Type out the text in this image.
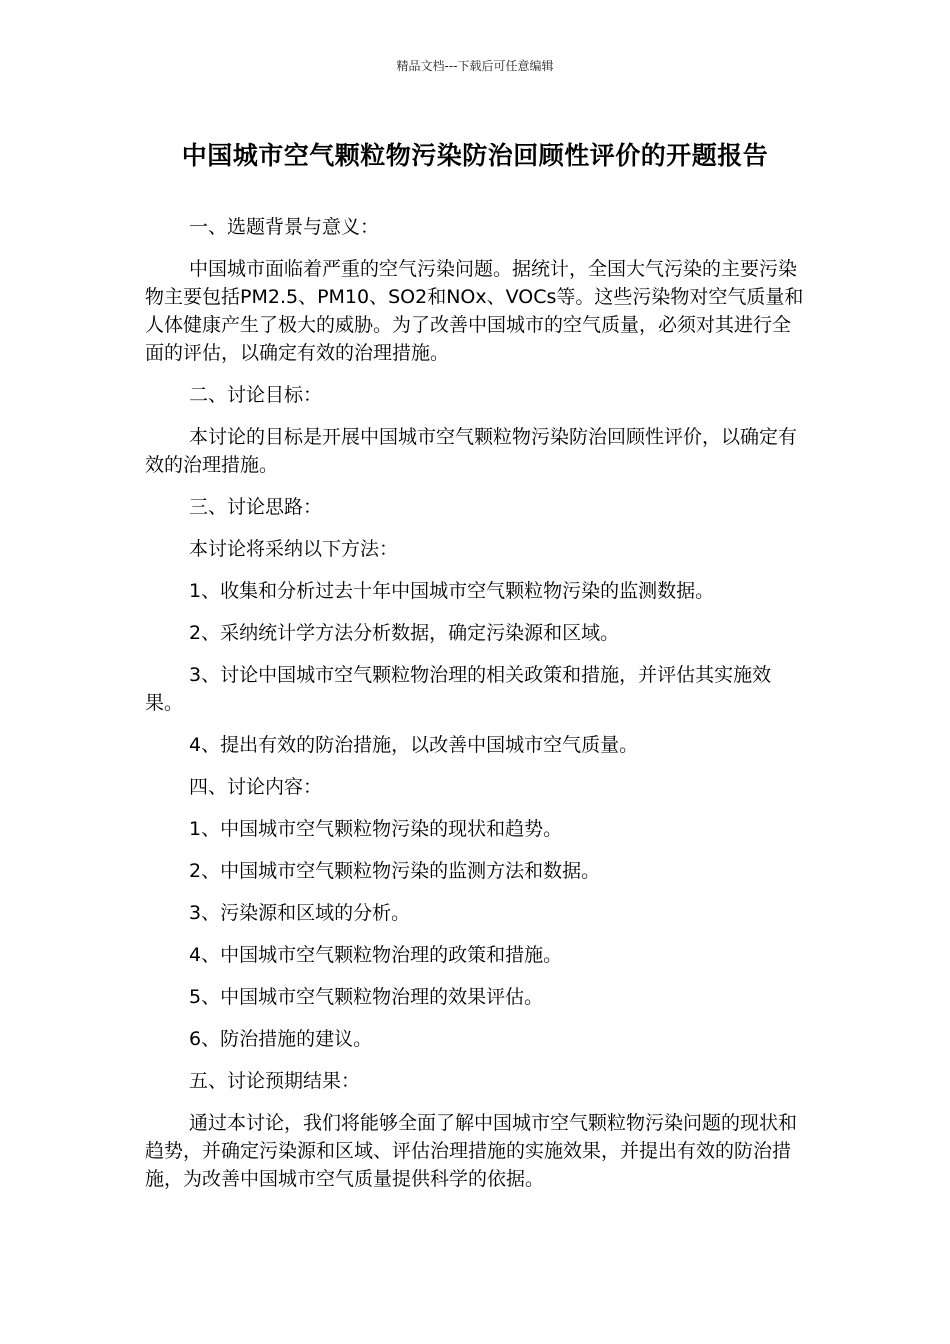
精品文档---下载后可任意编辑
中国城市空气颗粒物污染防治回顾性评价的开题报告

一、选题背景与意义：

中国城市面临着严重的空气污染问题。据统计，全国大气污染的主要污染物主要包括PM2.5、PM10、SO2和NOx、VOCs等。这些污染物对空气质量和人体健康产生了极大的威胁。为了改善中国城市的空气质量，必须对其进行全面的评估，以确定有效的治理措施。

二、讨论目标：

本讨论的目标是开展中国城市空气颗粒物污染防治回顾性评价，以确定有效的治理措施。

三、讨论思路：

本讨论将采纳以下方法：

1、收集和分析过去十年中国城市空气颗粒物污染的监测数据。

2、采纳统计学方法分析数据，确定污染源和区域。

3、讨论中国城市空气颗粒物治理的相关政策和措施，并评估其实施效果。

4、提出有效的防治措施，以改善中国城市空气质量。

四、讨论内容：

1、中国城市空气颗粒物污染的现状和趋势。

2、中国城市空气颗粒物污染的监测方法和数据。

3、污染源和区域的分析。

4、中国城市空气颗粒物治理的政策和措施。

5、中国城市空气颗粒物治理的效果评估。

6、防治措施的建议。

五、讨论预期结果：

通过本讨论，我们将能够全面了解中国城市空气颗粒物污染问题的现状和趋势，并确定污染源和区域、评估治理措施的实施效果，并提出有效的防治措施，为改善中国城市空气质量提供科学的依据。
